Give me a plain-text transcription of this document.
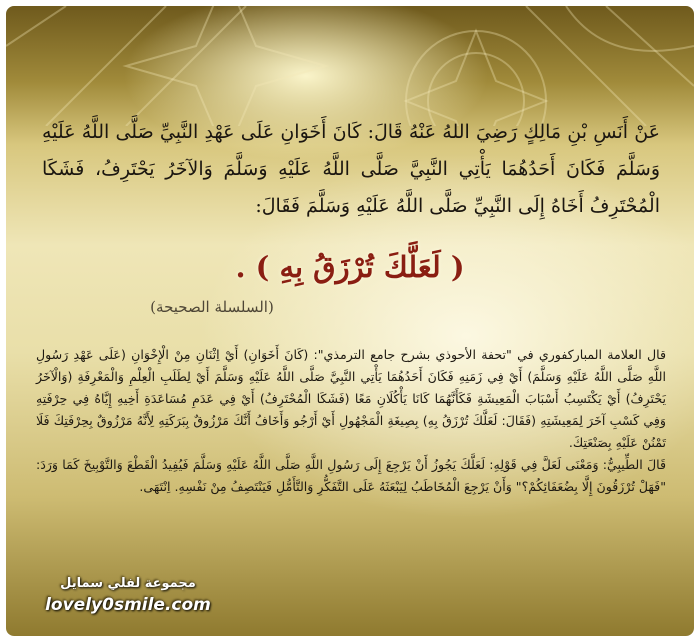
عَنْ أَنَسِ بْنِ مَالِكٍ رَضِيَ اللهُ عَنْهُ قَالَ: كَانَ أَخَوَانِ عَلَى عَهْدِ النَّبِيِّ صَلَّى اللَّهُ عَلَيْهِ وَسَلَّمَ فَكَانَ أَحَدُهُمَا يَأْتِي النَّبِيَّ صَلَّى اللَّهُ عَلَيْهِ وَسَلَّمَ وَالآخَرُ يَحْتَرِفُ، فَشَكَا الْمُحْتَرِفُ أَخَاهُ إِلَى النَّبِيِّ صَلَّى اللَّهُ عَلَيْهِ وَسَلَّمَ فَقَالَ:
( لَعَلَّكَ تُرْزَقُ بِهِ ) .
(السلسلة الصحيحة)

قال العلامة المباركفوري في "تحفة الأحوذي بشرح جامع الترمذي": (كَانَ أَخَوَانِ) أَيْ اِثْنَانِ مِنْ الْإِخْوَانِ (عَلَى عَهْدِ رَسُولِ اللَّهِ صَلَّى اللَّهُ عَلَيْهِ وَسَلَّمَ) أَيْ فِي زَمَنِهِ فَكَانَ أَحَدُهُمَا يَأْتِي النَّبِيَّ صَلَّى اللَّهُ عَلَيْهِ وَسَلَّمَ أَيْ لِطَلَبِ الْعِلْمِ وَالْمَعْرِفَةِ (وَالْآخَرُ يَحْتَرِفُ) أَيْ يَكْتَسِبُ أَسْبَابَ الْمَعِيشَةِ فَكَأَنَّهُمَا كَانَا يَأْكُلَانِ مَعًا (فَشَكَا الْمُحْتَرِفُ) أَيْ فِي عَدَمِ مُسَاعَدَةِ أَخِيهِ إِيَّاهُ فِي حِرْفَتِهِ وَفِي كَسْبِ آخَرَ لِمَعِيشَتِهِ (فَقَالَ: لَعَلَّكَ تُرْزَقُ بِهِ) بِصِيغَةِ الْمَجْهُولِ أَيْ أَرْجُو وَأَخَافُ أَنَّكَ مَرْزُوقٌ بِبَرَكَتِهِ لِأَنَّهُ مَرْزُوقٌ بِحِرْفَتِكَ فَلَا تَمْنُنْ عَلَيْهِ بِصَنْعَتِكَ.

قَالَ الطِّيبِيُّ: وَمَعْنَى لَعَلَّ فِي قَوْلِهِ: لَعَلَّكَ يَجُوزُ أَنْ يَرْجِعَ إِلَى رَسُولِ اللَّهِ صَلَّى اللَّهُ عَلَيْهِ وَسَلَّمَ فَيُفِيدُ الْقَطْعَ وَالتَّوْبِيخَ كَمَا وَرَدَ: "فَهَلْ تُرْزَقُونَ إِلَّا بِضُعَفَائِكُمْ؟" وَأَنْ يَرْجِعَ الْمُخَاطَبُ لِيَبْعَثَهُ عَلَى التَّفَكُّرِ وَالتَّأَمُّلِ فَيَنْتَصِفُ مِنْ نَفْسِهِ. اِنْتَهَى.

مجموعة لفلي سمايل
lovely0smile.com
